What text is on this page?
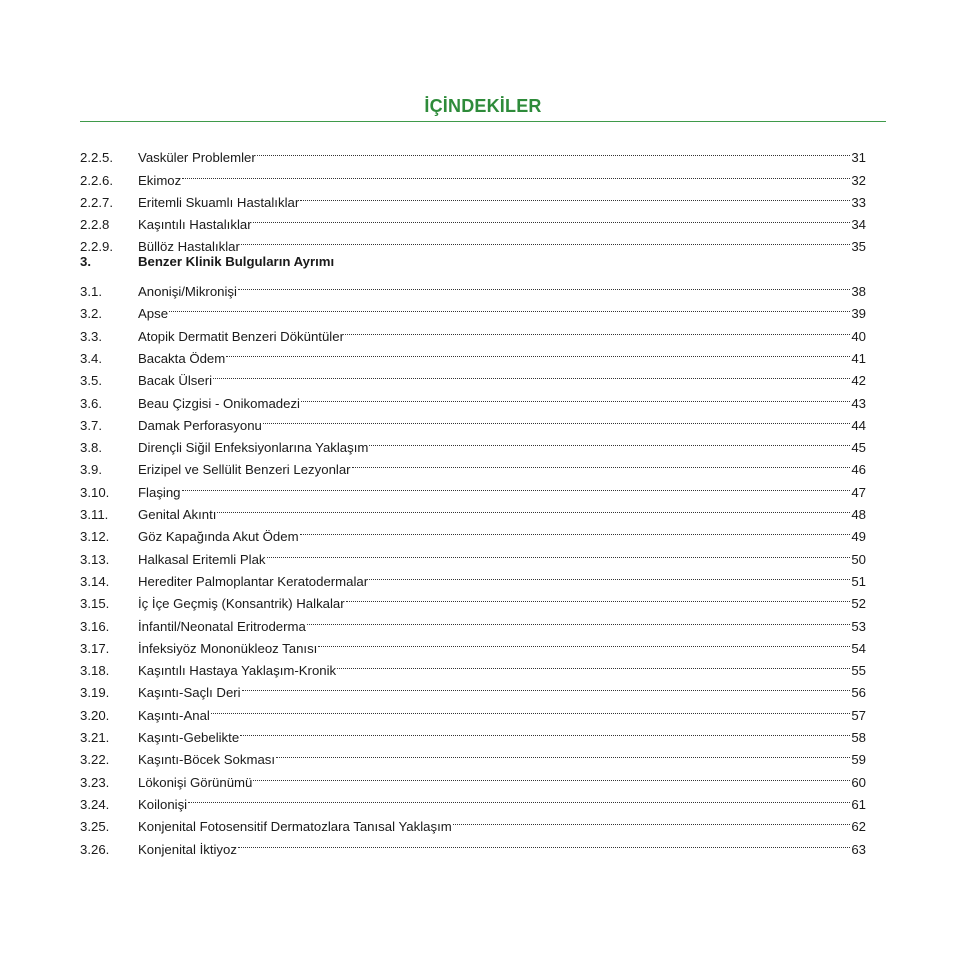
İÇİNDEKİLER
2.2.5.	Vasküler Problemler	31
2.2.6.	Ekimoz	32
2.2.7.	Eritemli Skuamlı Hastalıklar	33
2.2.8	Kaşıntılı Hastalıklar	34
2.2.9.	Büllöz Hastalıklar	35
3.	Benzer Klinik Bulguların Ayrımı
3.1.	Anonişi/Mikronişi	38
3.2.	Apse	39
3.3.	Atopik Dermatit Benzeri Döküntüler	40
3.4.	Bacakta Ödem	41
3.5.	Bacak Ülseri	42
3.6.	Beau Çizgisi - Onikomadezi	43
3.7.	Damak Perforasyonu	44
3.8.	Dirençli Siğil Enfeksiyonlarına Yaklaşım	45
3.9.	Erizipel ve Sellülit Benzeri Lezyonlar	46
3.10.	Flaşing	47
3.11.	Genital Akıntı	48
3.12.	Göz Kapağında Akut Ödem	49
3.13.	Halkasal Eritemli Plak	50
3.14.	Herediter Palmoplantar Keratodermalar	51
3.15.	İç İçe Geçmiş (Konsantrik) Halkalar	52
3.16.	İnfantil/Neonatal Eritroderma	53
3.17.	İnfeksiyöz Mononükleoz Tanısı	54
3.18.	Kaşıntılı Hastaya Yaklaşım-Kronik	55
3.19.	Kaşıntı-Saçlı Deri	56
3.20.	Kaşıntı-Anal	57
3.21.	Kaşıntı-Gebelikte	58
3.22.	Kaşıntı-Böcek Sokması	59
3.23.	Lökonişi Görünümü	60
3.24.	Koilonişi	61
3.25.	Konjenital Fotosensitif Dermatozlara Tanısal Yaklaşım	62
3.26.	Konjenital İktiyoz	63
